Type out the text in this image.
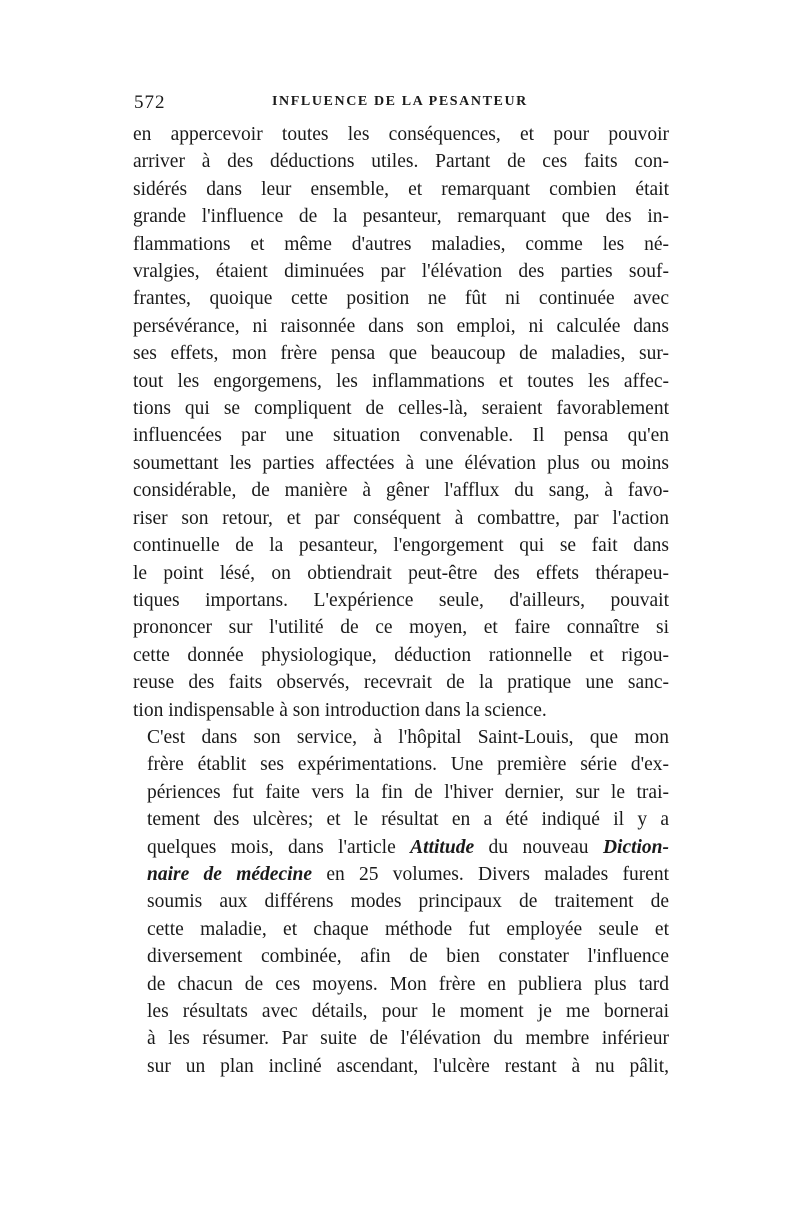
572	INFLUENCE DE LA PESANTEUR

en appercevoir toutes les conséquences, et pour pouvoir
arriver à des déductions utiles. Partant de ces faits con-
sidérés dans leur ensemble, et remarquant combien était
grande l'influence de la pesanteur, remarquant que des in-
flammations et même d'autres maladies, comme les né-
vralgies, étaient diminuées par l'élévation des parties souf-
frantes, quoique cette position ne fût ni continuée avec
persévérance, ni raisonnée dans son emploi, ni calculée dans
ses effets, mon frère pensa que beaucoup de maladies, sur-
tout les engorgemens, les inflammations et toutes les affec-
tions qui se compliquent de celles-là, seraient favorablement
influencées par une situation convenable. Il pensa qu'en
soumettant les parties affectées à une élévation plus ou moins
considérable, de manière à gêner l'afflux du sang, à favo-
riser son retour, et par conséquent à combattre, par l'action
continuelle de la pesanteur, l'engorgement qui se fait dans
le point lésé, on obtiendrait peut-être des effets thérapeu-
tiques importans. L'expérience seule, d'ailleurs, pouvait
prononcer sur l'utilité de ce moyen, et faire connaître si
cette donnée physiologique, déduction rationnelle et rigou-
reuse des faits observés, recevrait de la pratique une sanc-
tion indispensable à son introduction dans la science.

C'est dans son service, à l'hôpital Saint-Louis, que mon
frère établit ses expérimentations. Une première série d'ex-
périences fut faite vers la fin de l'hiver dernier, sur le trai-
tement des ulcères; et le résultat en a été indiqué il y a
quelques mois, dans l'article Attitude du nouveau Diction-
naire de médecine en 25 volumes. Divers malades furent
soumis aux différens modes principaux de traitement de
cette maladie, et chaque méthode fut employée seule et
diversement combinée, afin de bien constater l'influence
de chacun de ces moyens. Mon frère en publiera plus tard
les résultats avec détails, pour le moment je me bornerai
à les résumer. Par suite de l'élévation du membre inférieur
sur un plan incliné ascendant, l'ulcère restant à nu pâlit,
